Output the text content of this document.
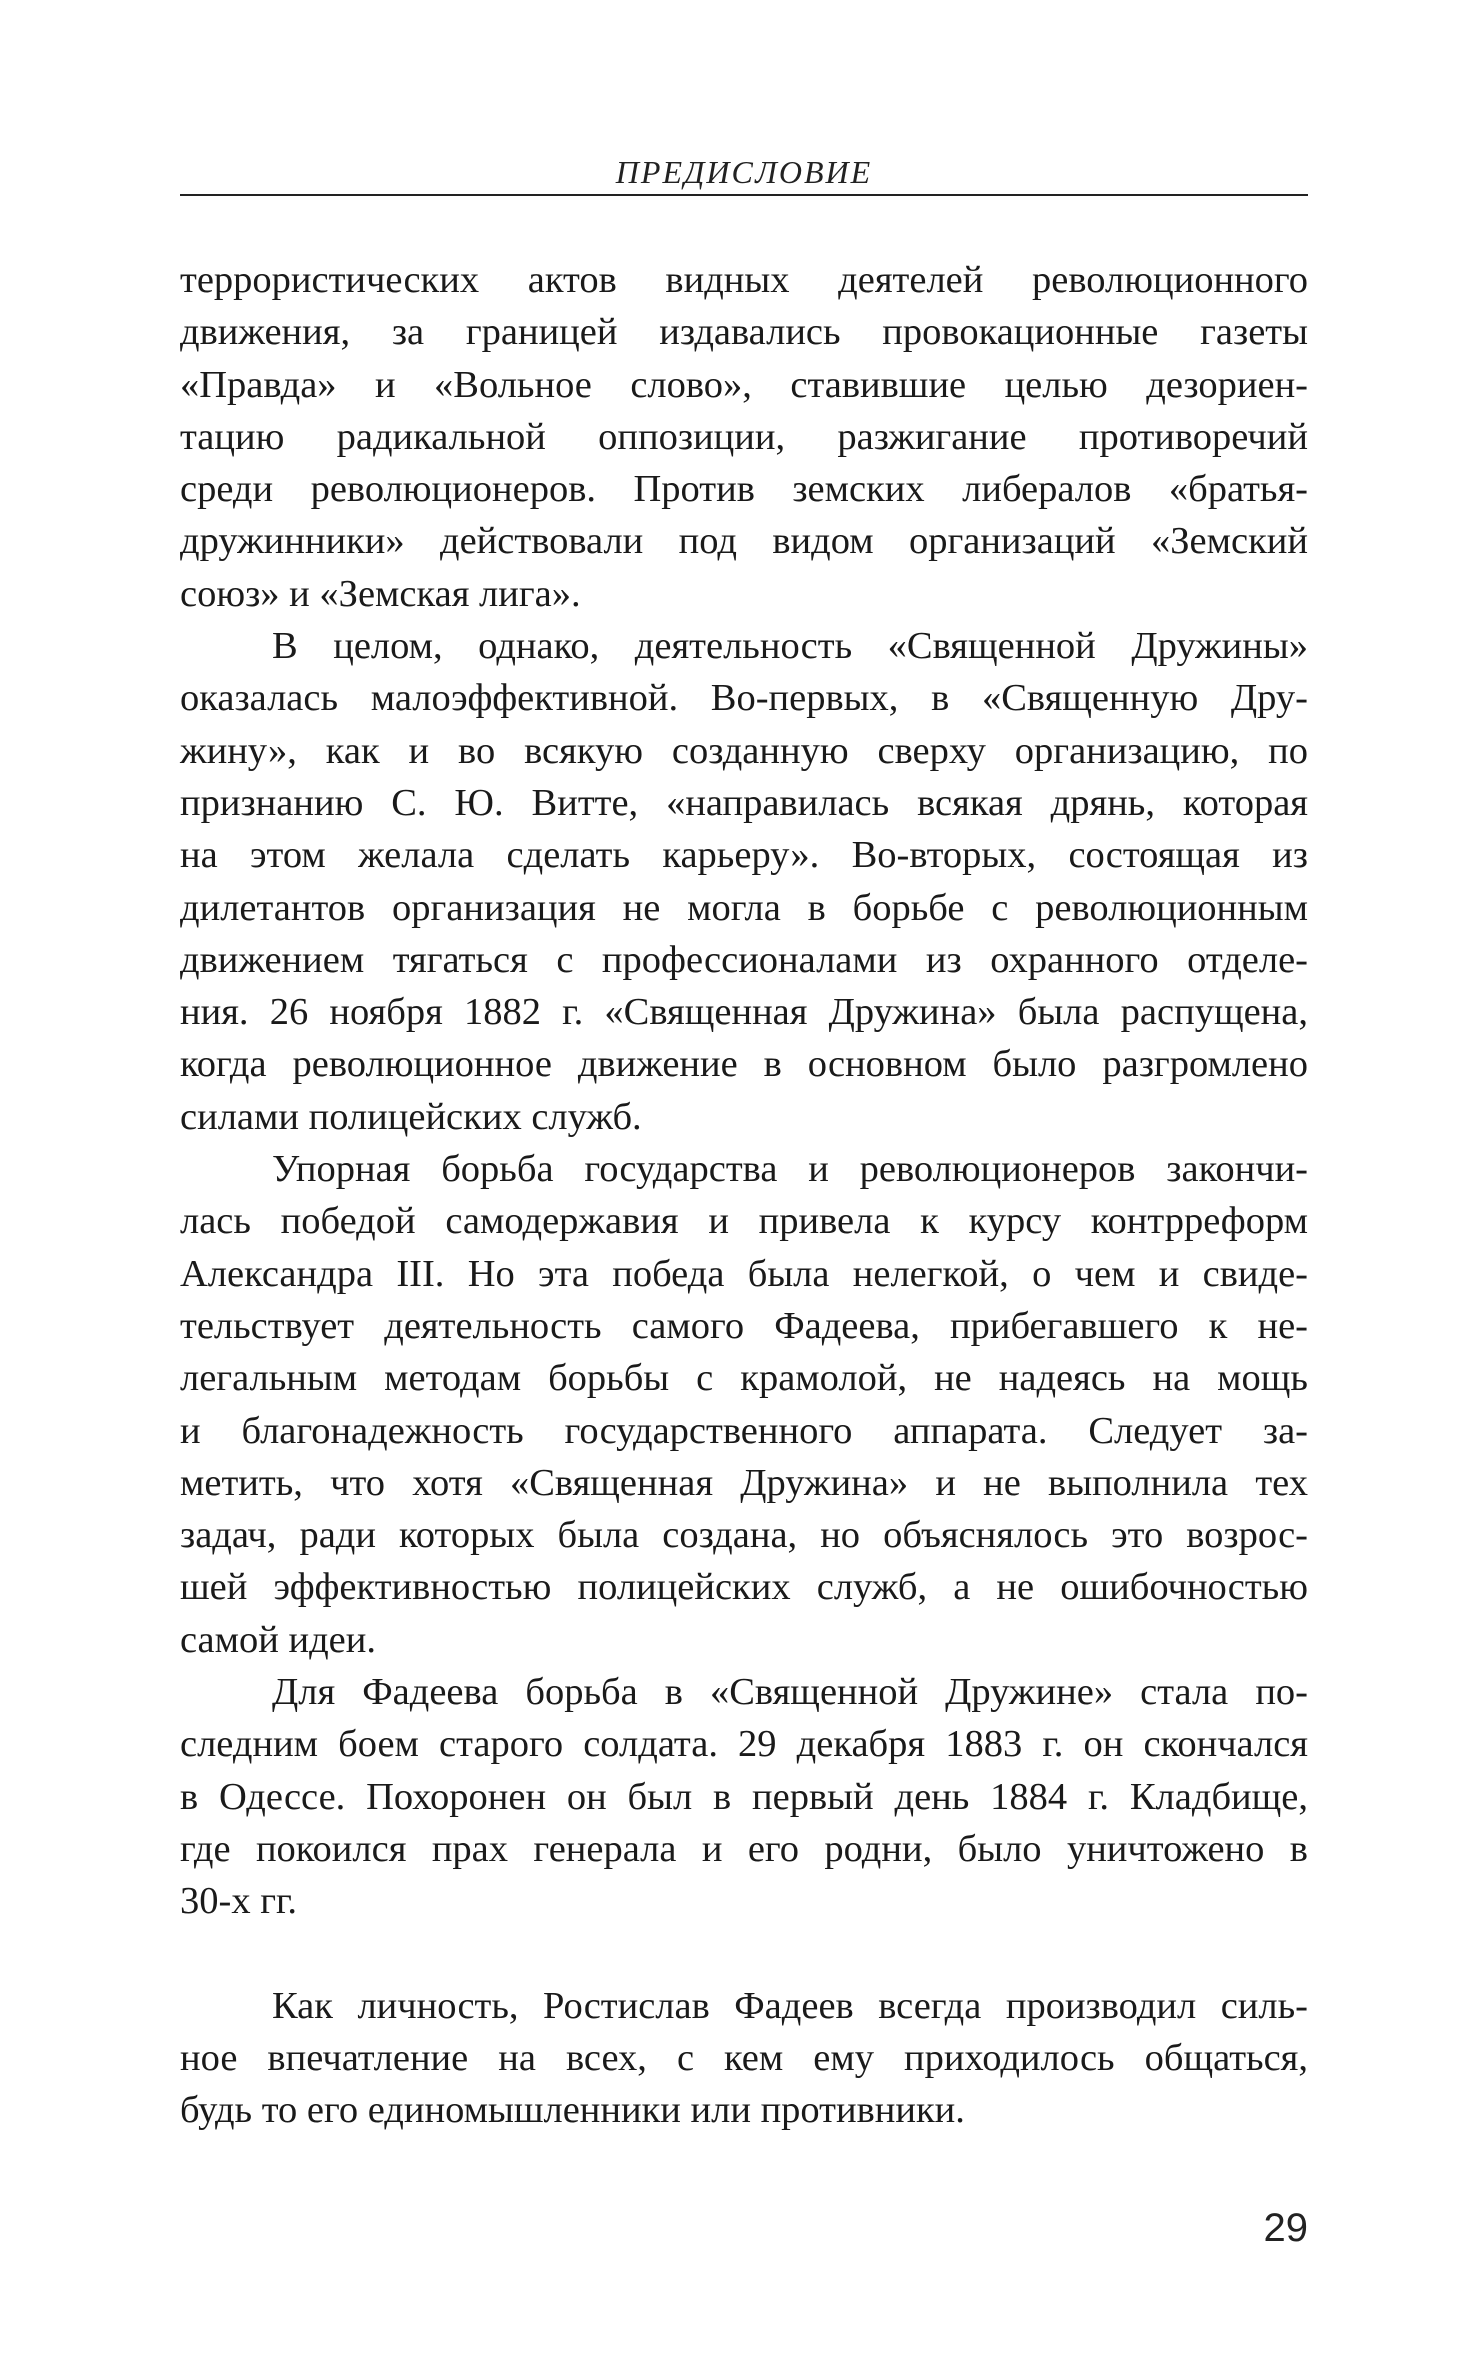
ПРЕДИСЛОВИЕ

террористических актов видных деятелей революционного
движения, за границей издавались провокационные газеты
«Правда» и «Вольное слово», ставившие целью дезориен-
тацию радикальной оппозиции, разжигание противоречий
среди революционеров. Против земских либералов «братья-
дружинники» действовали под видом организаций «Земский
союз» и «Земская лига».

В целом, однако, деятельность «Священной Дружины»
оказалась малоэффективной. Во-первых, в «Священную Дру-
жину», как и во всякую созданную сверху организацию, по
признанию С. Ю. Витте, «направилась всякая дрянь, которая
на этом желала сделать карьеру». Во-вторых, состоящая из
дилетантов организация не могла в борьбе с революционным
движением тягаться с профессионалами из охранного отделе-
ния. 26 ноября 1882 г. «Священная Дружина» была распущена,
когда революционное движение в основном было разгромлено
силами полицейских служб.

Упорная борьба государства и революционеров закончи-
лась победой самодержавия и привела к курсу контрреформ
Александра III. Но эта победа была нелегкой, о чем и свиде-
тельствует деятельность самого Фадеева, прибегавшего к не-
легальным методам борьбы с крамолой, не надеясь на мощь
и благонадежность государственного аппарата. Следует за-
метить, что хотя «Священная Дружина» и не выполнила тех
задач, ради которых была создана, но объяснялось это возрос-
шей эффективностью полицейских служб, а не ошибочностью
самой идеи.

Для Фадеева борьба в «Священной Дружине» стала по-
следним боем старого солдата. 29 декабря 1883 г. он скончался
в Одессе. Похоронен он был в первый день 1884 г. Кладбище,
где покоился прах генерала и его родни, было уничтожено в
30-х гг.

Как личность, Ростислав Фадеев всегда производил силь-
ное впечатление на всех, с кем ему приходилось общаться,
будь то его единомышленники или противники.

29
